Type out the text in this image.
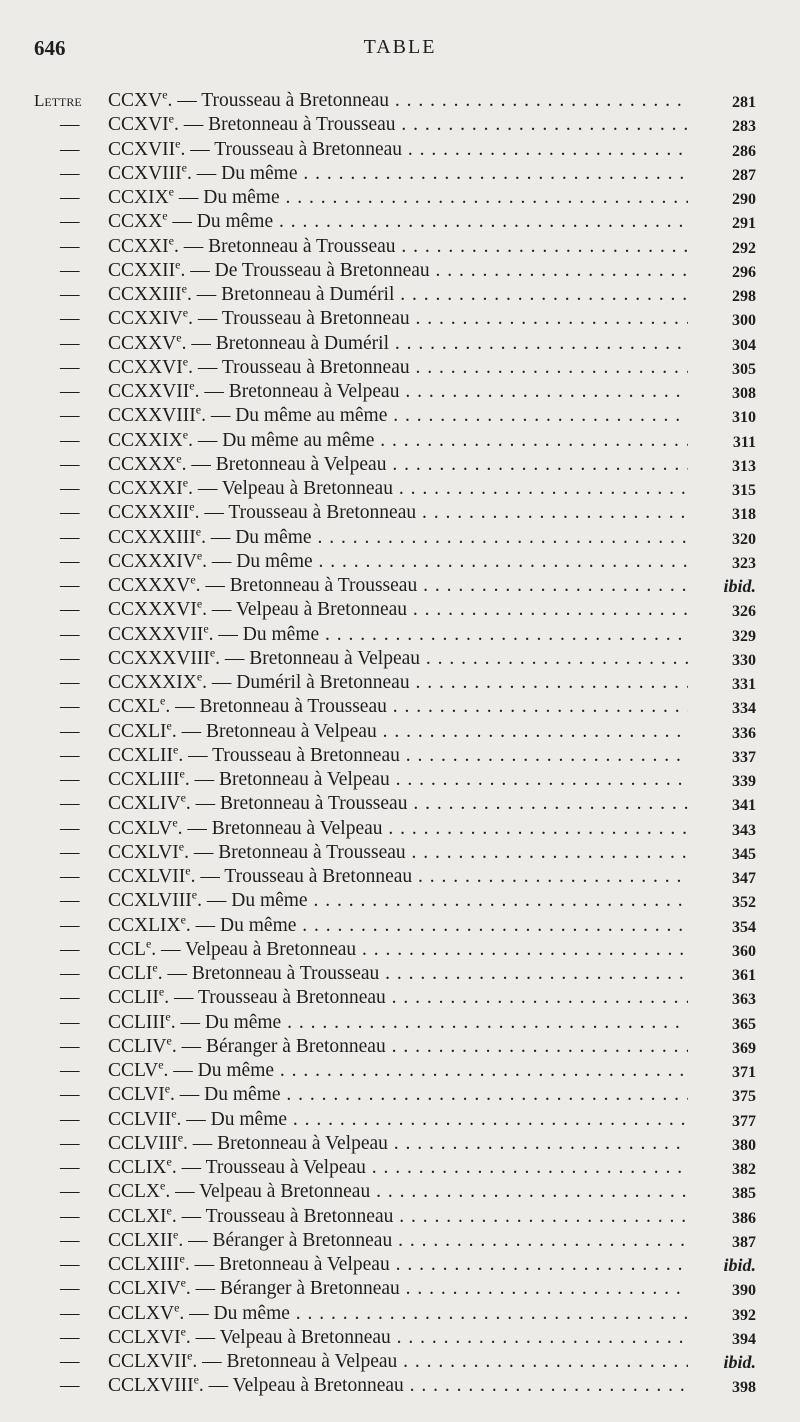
646	TABLE
Lettre CCXVe. — Trousseau à Bretonneau . . .	281
— CCXVIe. — Bretonneau à Trousseau . . .	283
— CCXVIIe. — Trousseau à Bretonneau . . .	286
— CCXVIIIe. — Du même . . .	287
— CCXIXe — Du même . . .	290
— CCXXe — Du même . . .	291
— CCXXIe. — Bretonneau à Trousseau . . .	292
— CCXXIIe. — De Trousseau à Bretonneau . . .	296
— CCXXIIIe. — Bretonneau à Duméril . . .	298
— CCXXIVe. — Trousseau à Bretonneau . . .	300
— CCXXVe. — Bretonneau à Duméril . . .	304
— CCXXVIe. — Trousseau à Bretonneau . . .	305
— CCXXVIIe. — Bretonneau à Velpeau . . .	308
— CCXXVIIIe. — Du même au même . . .	310
— CCXXIXe. — Du même au même . . .	311
— CCXXXe. — Bretonneau à Velpeau . . .	313
— CCXXXIe. — Velpeau à Bretonneau . . .	315
— CCXXXIIe. — Trousseau à Bretonneau . . .	318
— CCXXXIIIe. — Du même . . .	320
— CCXXXIVe. — Du même . . .	323
— CCXXXVe. — Bretonneau à Trousseau . . .	ibid.
— CCXXXVIe. — Velpeau à Bretonneau . . .	326
— CCXXXVIIe. — Du même . . .	329
— CCXXXVIIIe. — Bretonneau à Velpeau . . .	330
— CCXXXIXe. — Duméril à Bretonneau . . .	331
— CCXLe. — Bretonneau à Trousseau . . .	334
— CCXLIe. — Bretonneau à Velpeau . . .	336
— CCXLIIe. — Trousseau à Bretonneau . . .	337
— CCXLIIIe. — Bretonneau à Velpeau . . .	339
— CCXLIVe. — Bretonneau à Trousseau . . .	341
— CCXLVe. — Bretonneau à Velpeau . . .	343
— CCXLVIe. — Bretonneau à Trousseau . . .	345
— CCXLVIIe. — Trousseau à Bretonneau . . .	347
— CCXLVIIIe. — Du même . . .	352
— CCXLIXe. — Du même . . .	354
— CCLe. — Velpeau à Bretonneau . . .	360
— CCLIe. — Bretonneau à Trousseau . . .	361
— CCLIIe. — Trousseau à Bretonneau . . .	363
— CCLIIIe. — Du même . . .	365
— CCLIVe. — Béranger à Bretonneau . . .	369
— CCLVe. — Du même . . .	371
— CCLVIe. — Du même . . .	375
— CCLVIIe. — Du même . . .	377
— CCLVIIIe. — Bretonneau à Velpeau . . .	380
— CCLIXe. — Trousseau à Velpeau . . .	382
— CCLXe. — Velpeau à Bretonneau . . .	385
— CCLXIe. — Trousseau à Bretonneau . . .	386
— CCLXIIe. — Béranger à Bretonneau . . .	387
— CCLXIIIe. — Bretonneau à Velpeau . . .	ibid.
— CCLXIVe. — Béranger à Bretonneau . . .	390
— CCLXVe. — Du même . . .	392
— CCLXVIe. — Velpeau à Bretonneau . . .	394
— CCLXVIIe. — Bretonneau à Velpeau . . .	ibid.
— CCLXVIIIe. — Velpeau à Bretonneau . . .	398
